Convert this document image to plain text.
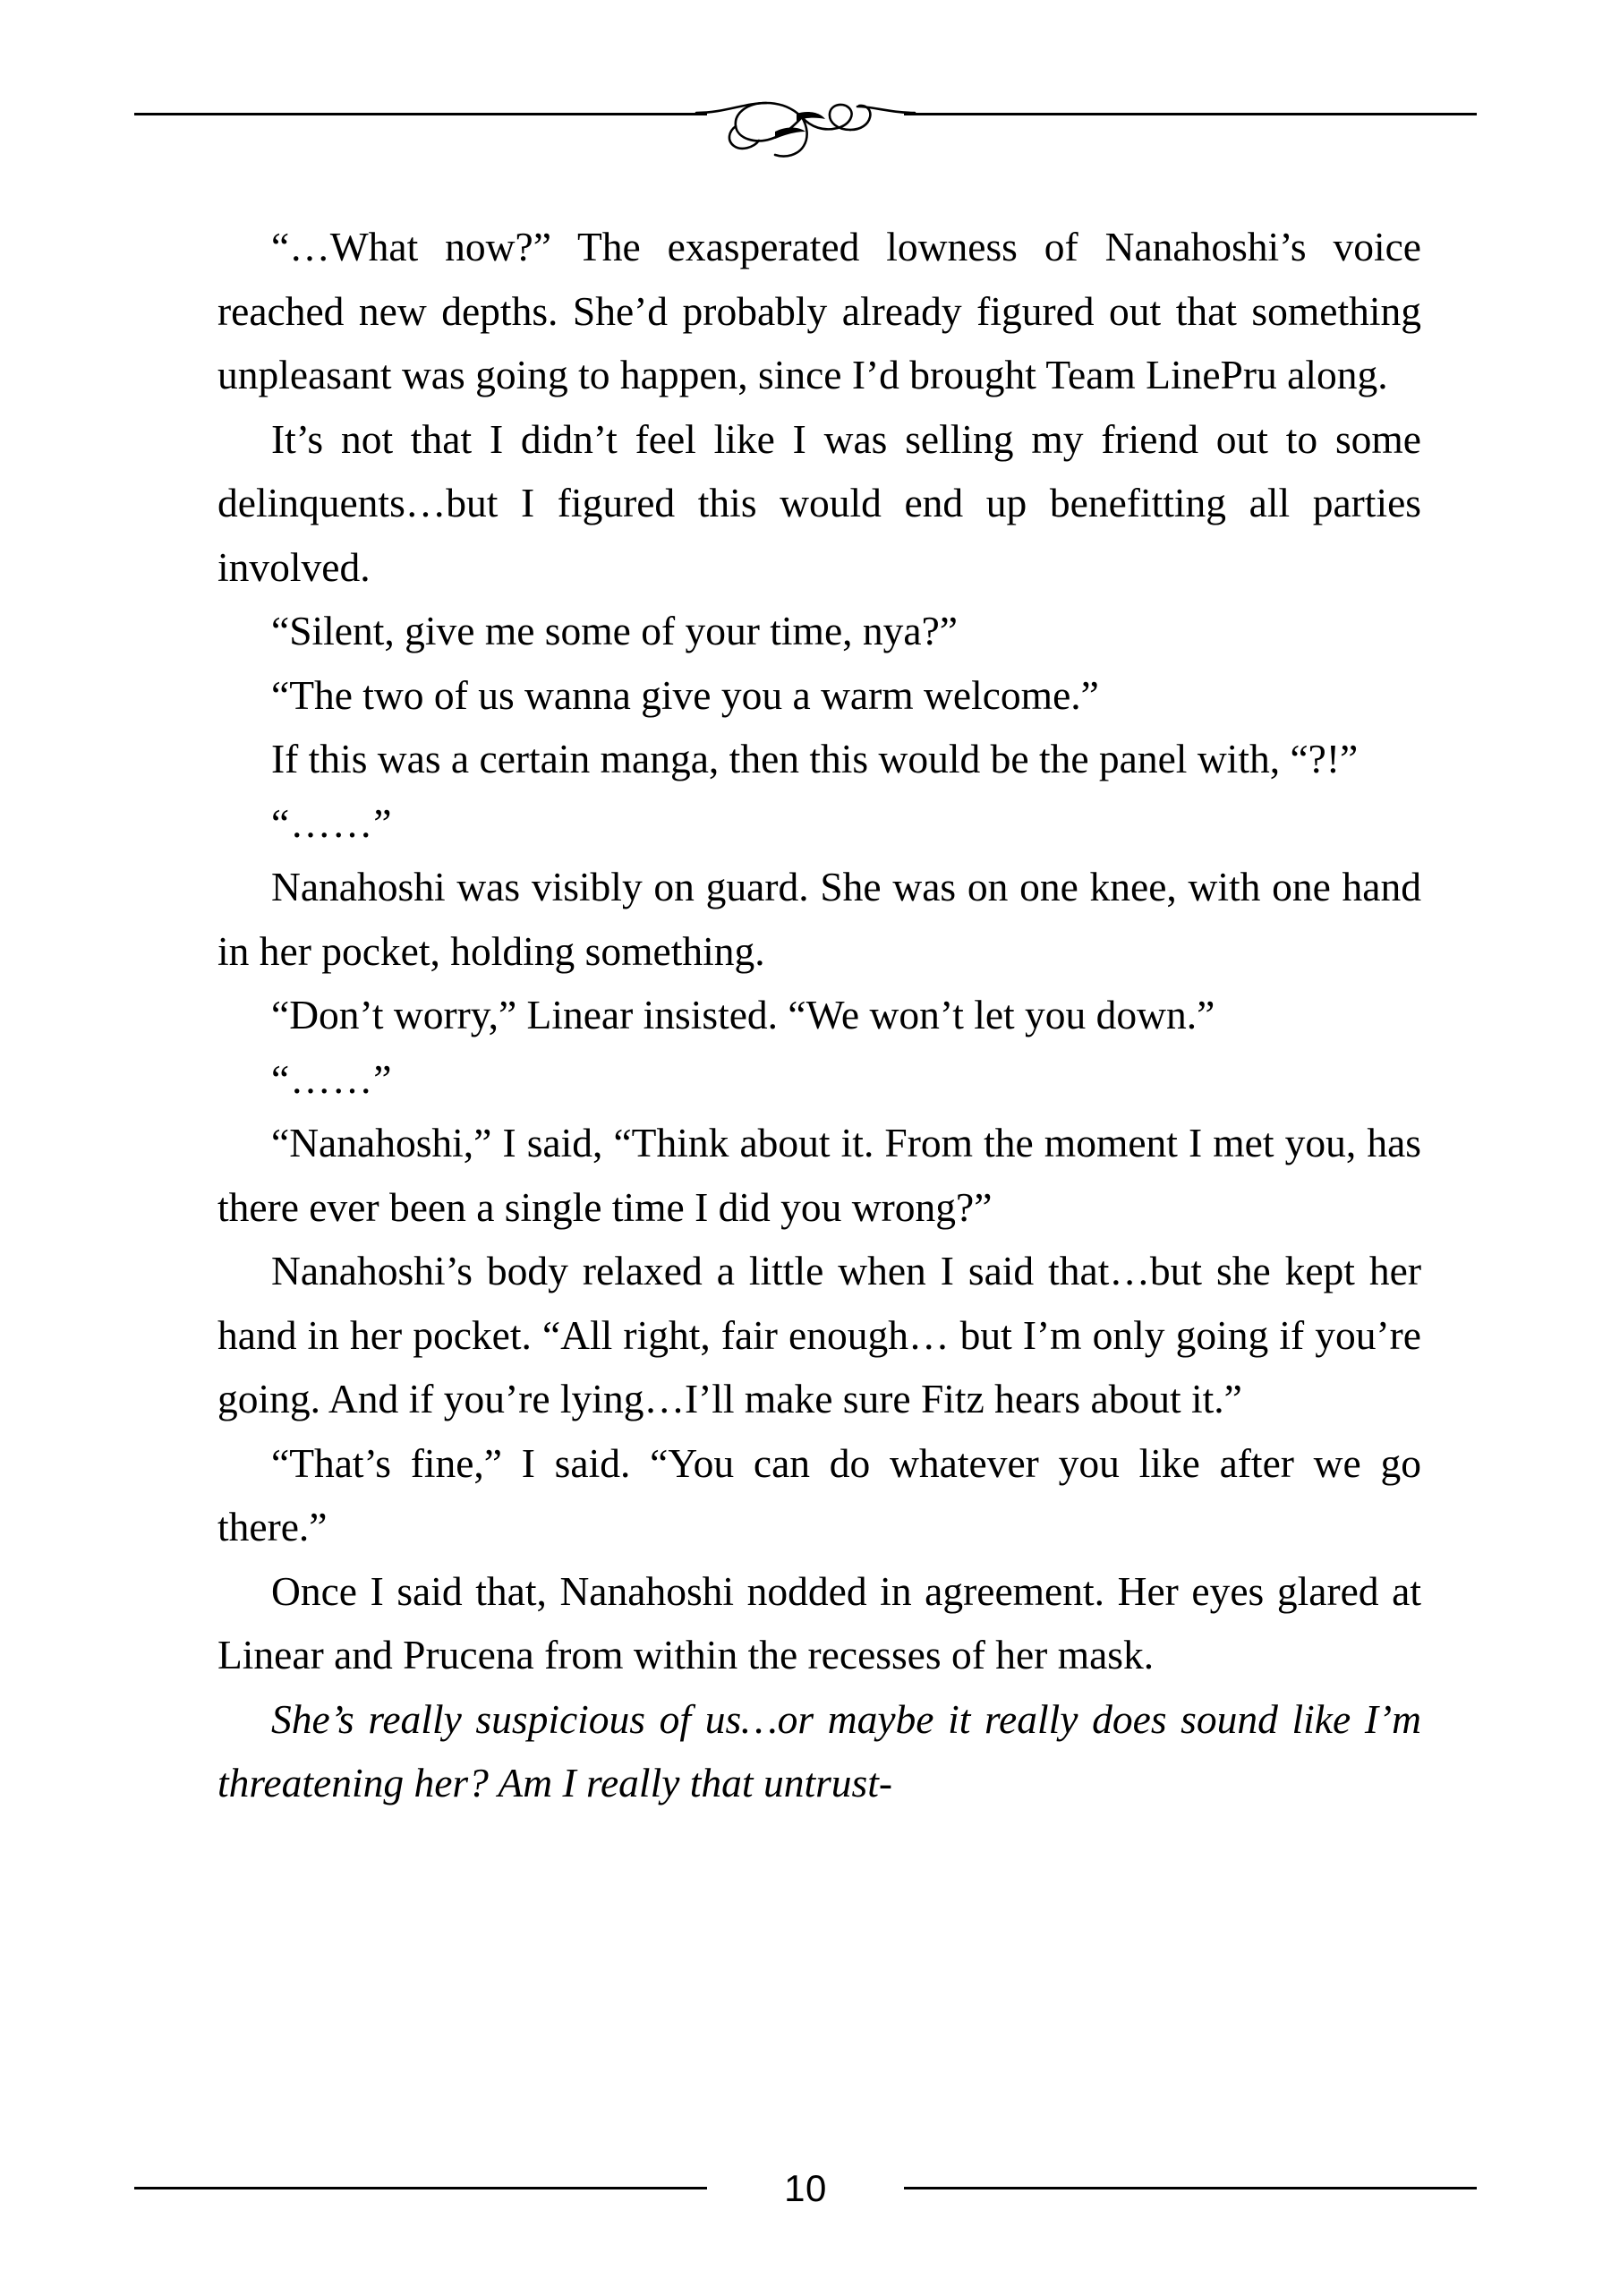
“…What now?” The exasperated lowness of Nanahoshi’s voice reached new depths. She’d probably already figured out that something unpleasant was going to happen, since I’d brought Team LinePru along.

It’s not that I didn’t feel like I was selling my friend out to some delinquents…but I figured this would end up benefitting all parties involved.

“Silent, give me some of your time, nya?”

“The two of us wanna give you a warm welcome.”

If this was a certain manga, then this would be the panel with, “?!”

“……”

Nanahoshi was visibly on guard. She was on one knee, with one hand in her pocket, holding something.

“Don’t worry,” Linear insisted. “We won’t let you down.”

“……”

“Nanahoshi,” I said, “Think about it. From the moment I met you, has there ever been a single time I did you wrong?”

Nanahoshi’s body relaxed a little when I said that…but she kept her hand in her pocket. “All right, fair enough… but I’m only going if you’re going. And if you’re lying…I’ll make sure Fitz hears about it.”

“That’s fine,” I said. “You can do whatever you like after we go there.”

Once I said that, Nanahoshi nodded in agreement. Her eyes glared at Linear and Prucena from within the recesses of her mask.

She’s really suspicious of us…or maybe it really does sound like I’m threatening her? Am I really that untrust-

10
